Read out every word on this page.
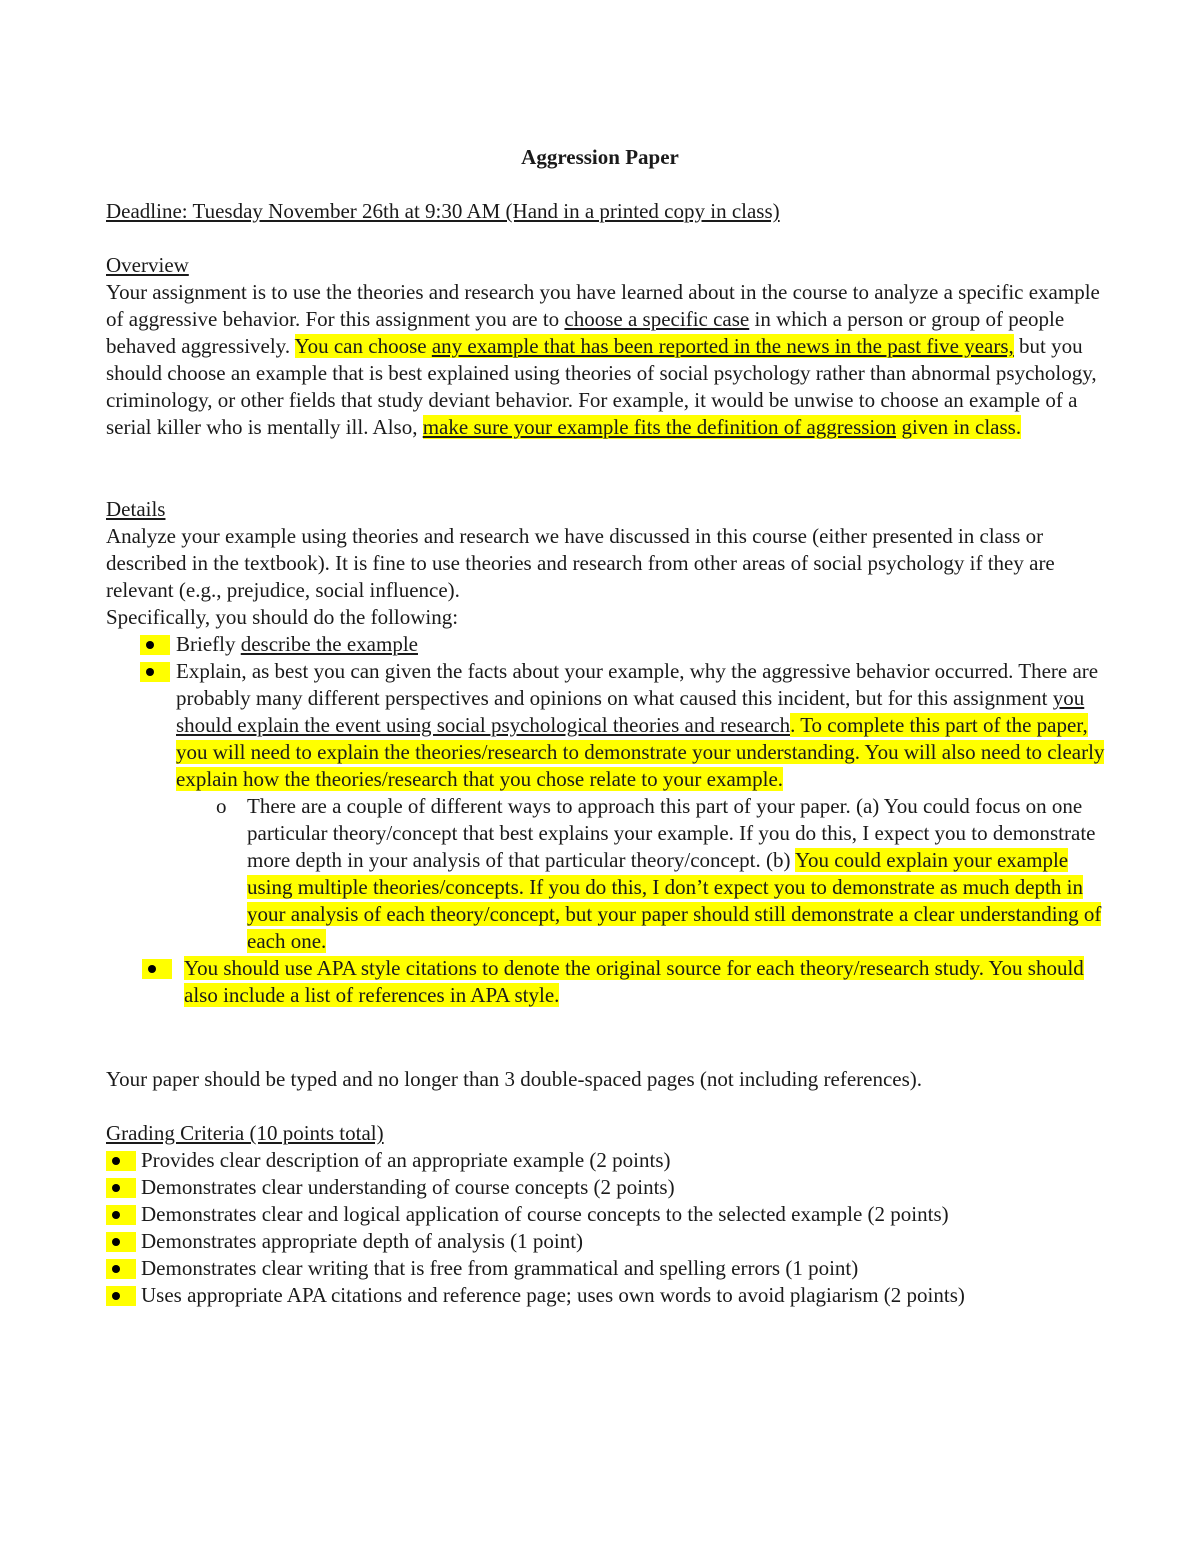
Aggression Paper
Deadline: Tuesday November 26th at 9:30 AM (Hand in a printed copy in class)

Overview

Your assignment is to use the theories and research you have learned about in the course to analyze a specific example of aggressive behavior. For this assignment you are to choose a specific case in which a person or group of people behaved aggressively. You can choose any example that has been reported in the news in the past five years, but you should choose an example that is best explained using theories of social psychology rather than abnormal psychology, criminology, or other fields that study deviant behavior. For example, it would be unwise to choose an example of a serial killer who is mentally ill. Also, make sure your example fits the definition of aggression given in class.

Details

Analyze your example using theories and research we have discussed in this course (either presented in class or described in the textbook). It is fine to use theories and research from other areas of social psychology if they are relevant (e.g., prejudice, social influence).

Specifically, you should do the following:

Briefly describe the example
Explain, as best you can given the facts about your example, why the aggressive behavior occurred. There are probably many different perspectives and opinions on what caused this incident, but for this assignment you should explain the event using social psychological theories and research. To complete this part of the paper, you will need to explain the theories/research to demonstrate your understanding. You will also need to clearly explain how the theories/research that you chose relate to your example.
o There are a couple of different ways to approach this part of your paper. (a) You could focus on one particular theory/concept that best explains your example. If you do this, I expect you to demonstrate more depth in your analysis of that particular theory/concept. (b) You could explain your example using multiple theories/concepts. If you do this, I don’t expect you to demonstrate as much depth in your analysis of each theory/concept, but your paper should still demonstrate a clear understanding of each one.
You should use APA style citations to denote the original source for each theory/research study. You should also include a list of references in APA style.
Your paper should be typed and no longer than 3 double-spaced pages (not including references).

Grading Criteria (10 points total)

Provides clear description of an appropriate example (2 points)
Demonstrates clear understanding of course concepts (2 points)
Demonstrates clear and logical application of course concepts to the selected example (2 points)
Demonstrates appropriate depth of analysis (1 point)
Demonstrates clear writing that is free from grammatical and spelling errors (1 point)
Uses appropriate APA citations and reference page; uses own words to avoid plagiarism (2 points)
